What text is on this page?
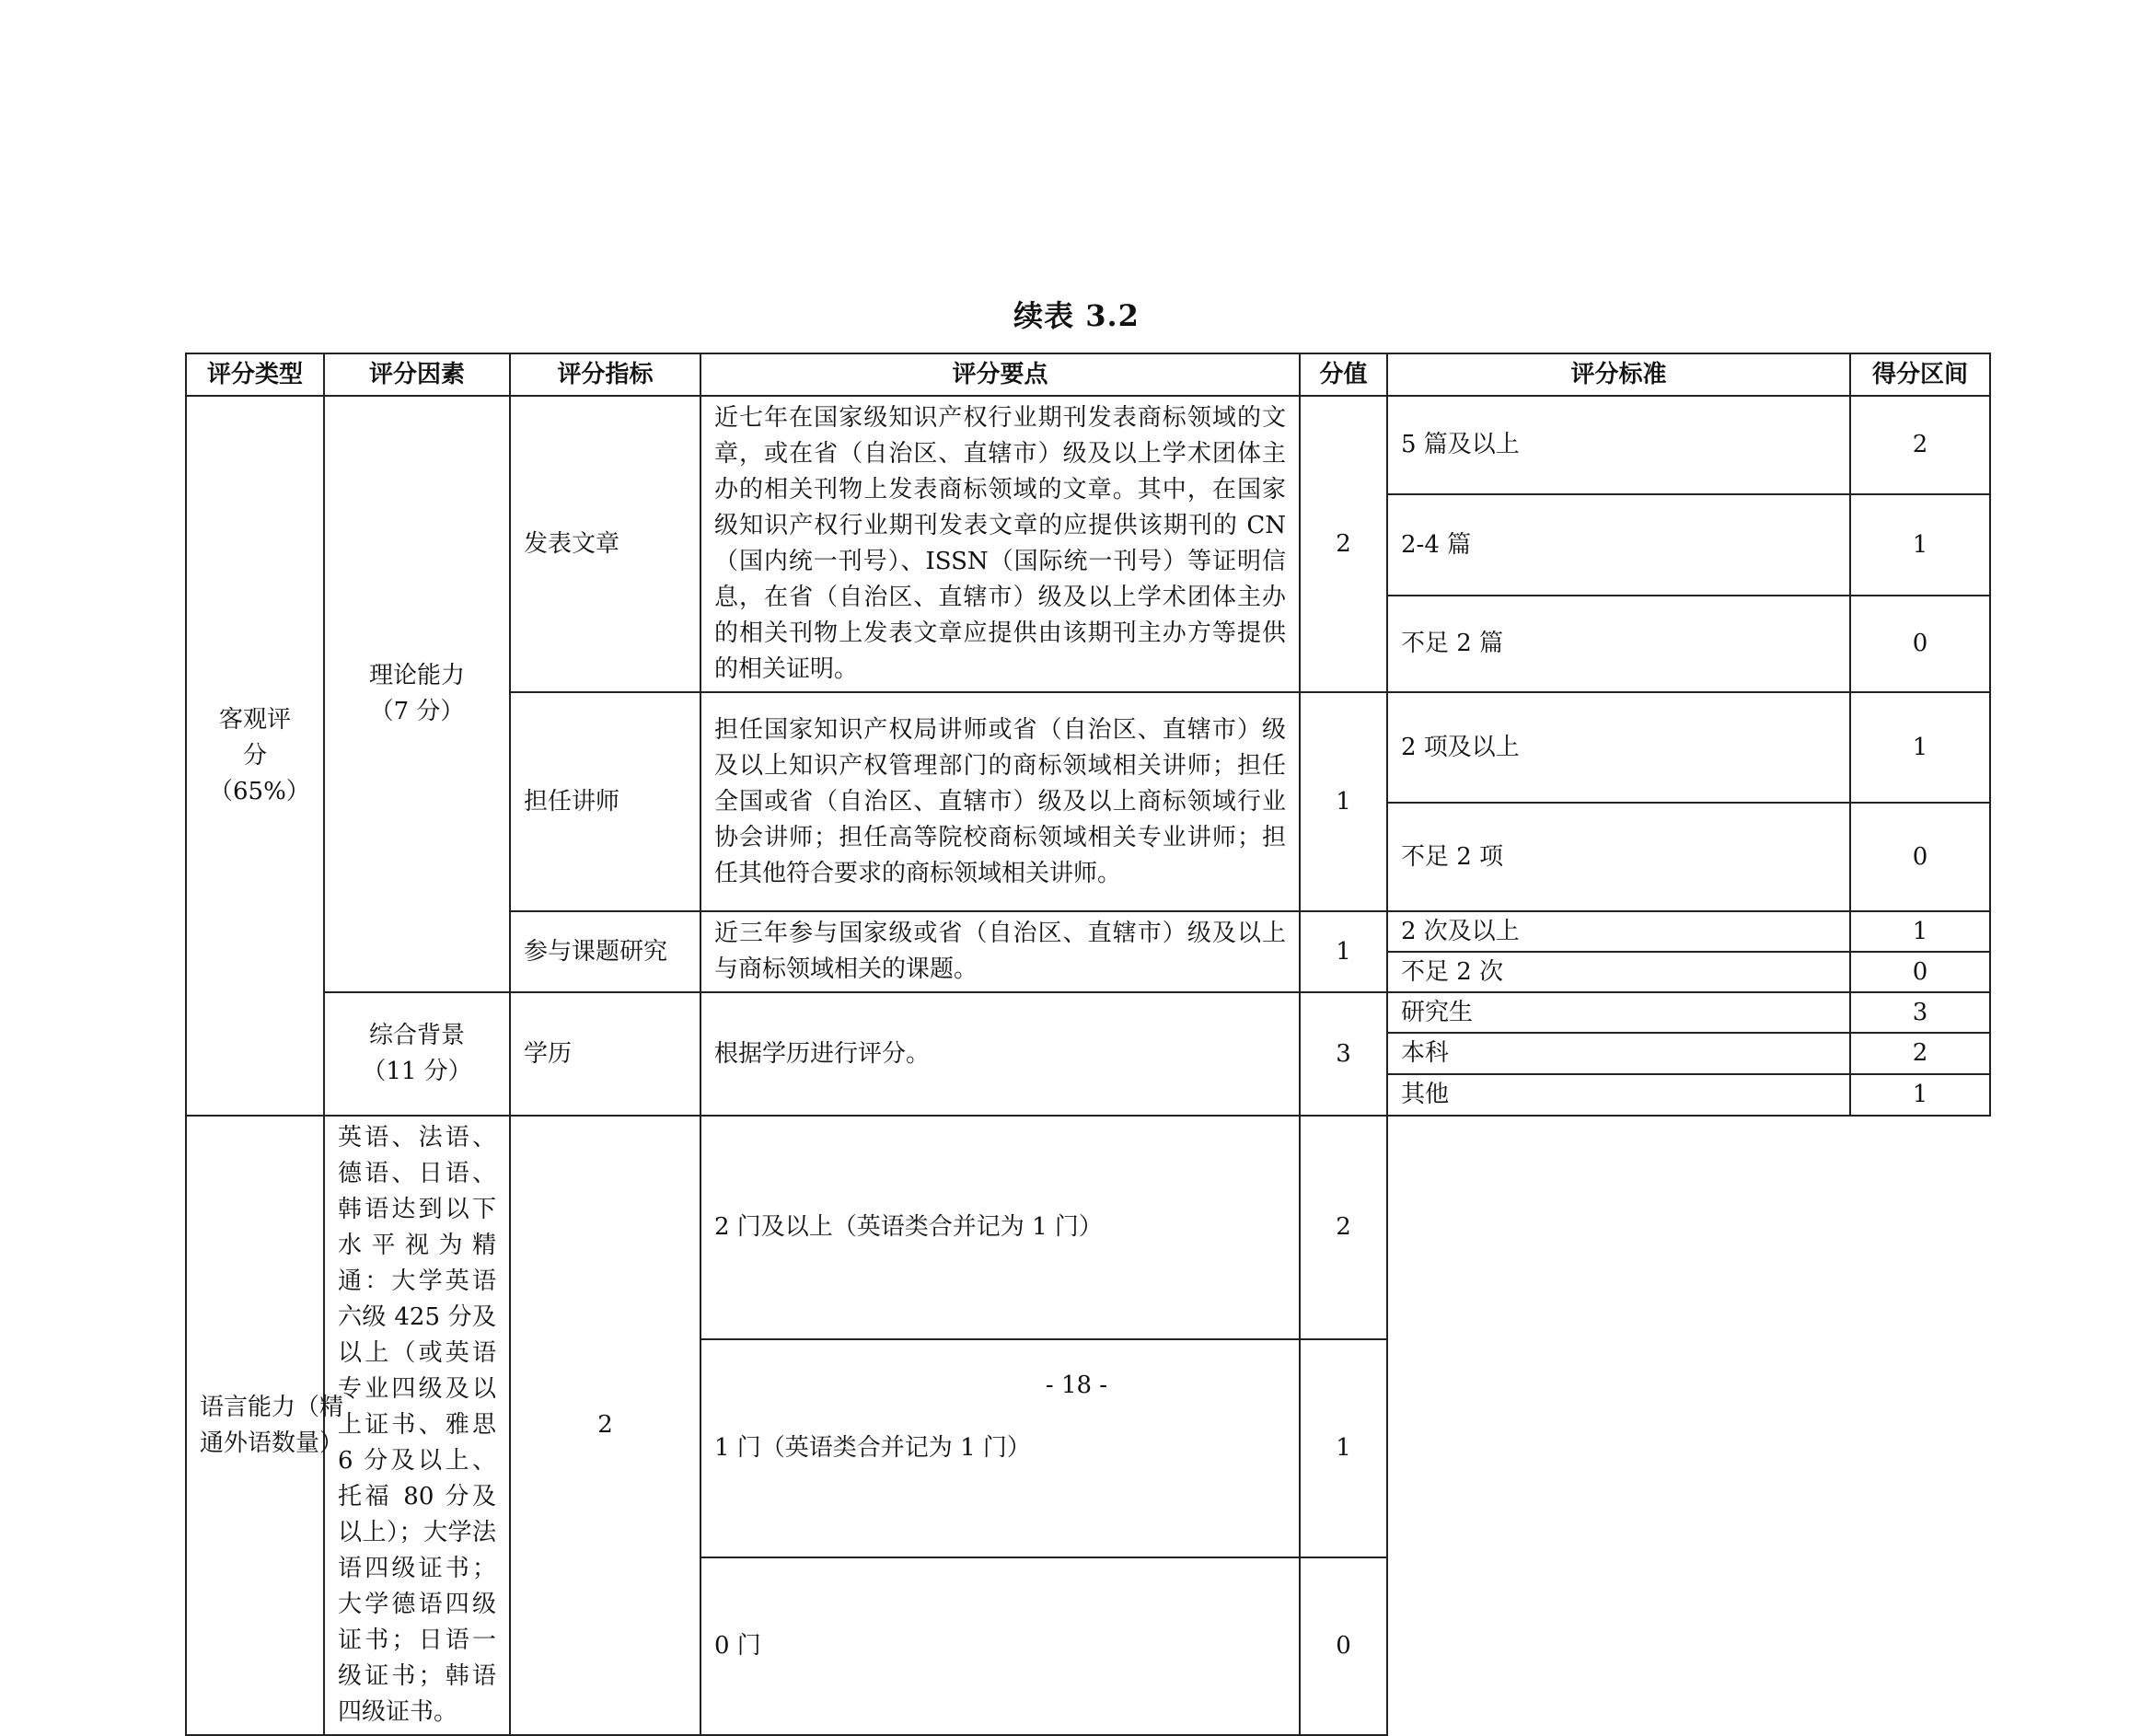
续表 3.2
评分类型	评分因素	评分指标	评分要点	分值	评分标准	得分区间

客观评分（65%）	理论能力（7 分）	发表文章	近七年在国家级知识产权行业期刊发表商标领域的文章，或在省（自治区、直辖市）级及以上学术团体主办的相关刊物上发表商标领域的文章。其中，在国家级知识产权行业期刊发表文章的应提供该期刊的 CN（国内统一刊号）、ISSN（国际统一刊号）等证明信息，在省（自治区、直辖市）级及以上学术团体主办的相关刊物上发表文章应提供由该期刊主办方等提供的相关证明。	2	5 篇及以上	2
					2-4 篇	1
					不足 2 篇	0
		担任讲师	担任国家知识产权局讲师或省（自治区、直辖市）级及以上知识产权管理部门的商标领域相关讲师；担任全国或省（自治区、直辖市）级及以上商标领域行业协会讲师；担任高等院校商标领域相关专业讲师；担任其他符合要求的商标领域相关讲师。	1	2 项及以上	1
					不足 2 项	0
		参与课题研究	近三年参与国家级或省（自治区、直辖市）级及以上与商标领域相关的课题。	1	2 次及以上	1
					不足 2 次	0

	综合背景（11 分）	学历	根据学历进行评分。	3	研究生	3
					本科	2
					其他	1

语言能力（精通外语数量）	英语、法语、德语、日语、韩语达到以下水平视为精通：大学英语六级 425 分及以上（或英语专业四级及以上证书、雅思 6 分及以上、托福 80 分及以上）；大学法语四级证书；大学德语四级证书；日语一级证书；韩语四级证书。	2	2 门及以上（英语类合并记为 1 门）	2		
			1 门（英语类合并记为 1 门）	1		
			0 门	0		
- 18 -
